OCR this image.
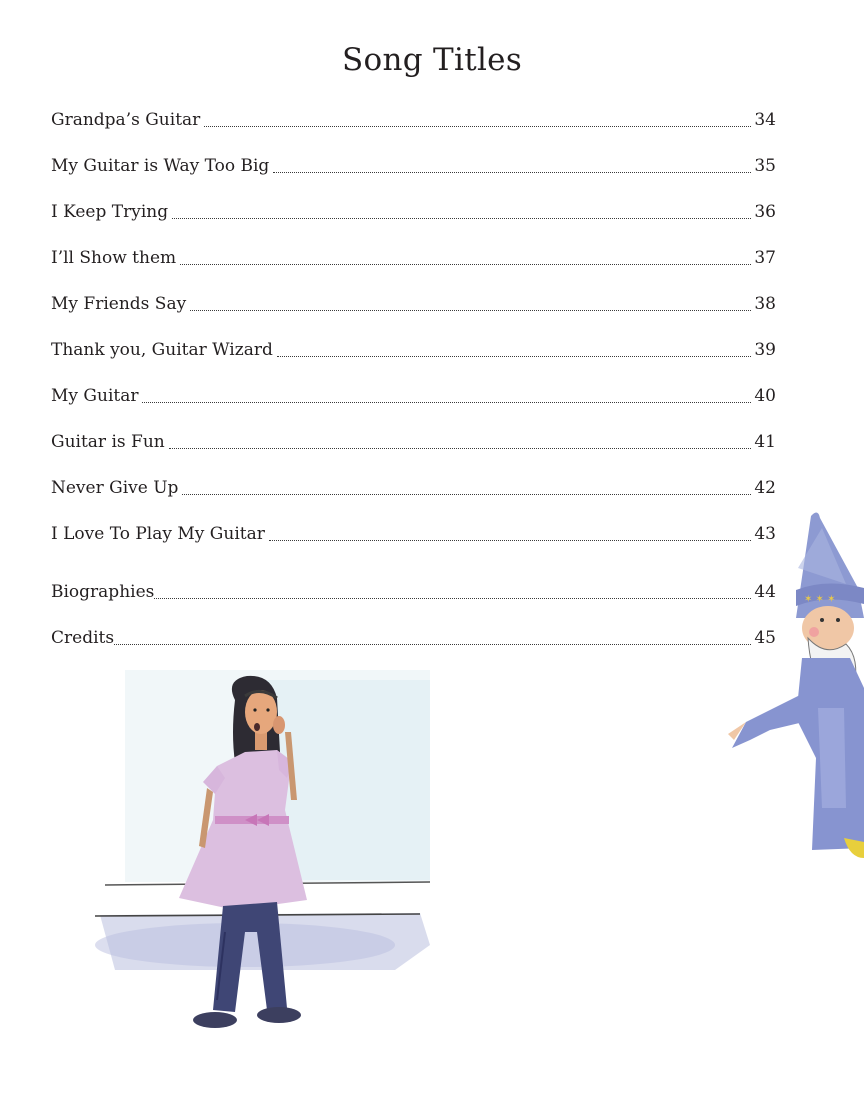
Song Titles
Grandpa’s Guitar	34
My Guitar is Way Too Big	35
I Keep Trying	36
I’ll Show them	37
My Friends Say	38
Thank you, Guitar Wizard	39
My Guitar	40
Guitar is Fun	41
Never Give Up	42
I Love To Play My Guitar	43
Biographies	44
Credits	45
✶ ✶ ✶
